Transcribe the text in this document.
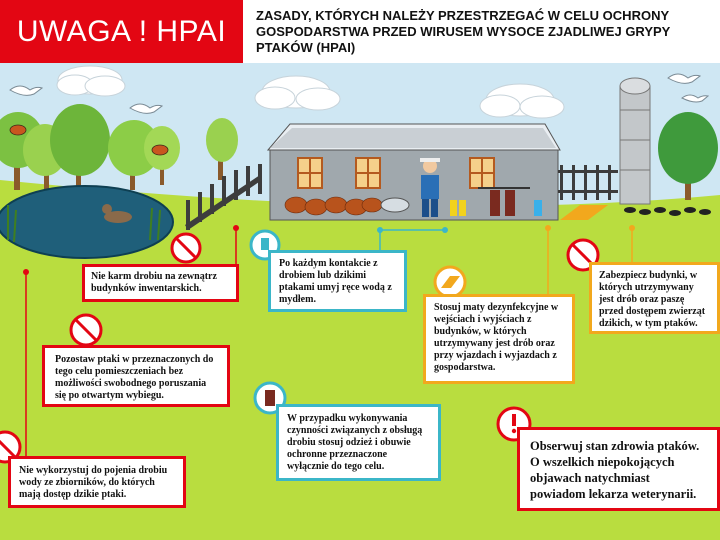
UWAGA ! HPAI	ZASADY, KTÓRYCH NALEŻY PRZESTRZEGAĆ W CELU OCHRONY GOSPODARSTWA PRZED WIRUSEM WYSOCE ZJADLIWEJ GRYPY PTAKÓW (HPAI)
Nie karm drobiu na zewnątrz budynków inwentarskich.
Po każdym kontakcie z drobiem lub dzikimi ptakami umyj ręce wodą z mydłem.
Stosuj maty dezynfekcyjne w wejściach i wyjściach z budynków, w których utrzymywany jest drób oraz przy wjazdach i wyjazdach z gospodarstwa.
Zabezpiecz budynki, w których utrzymywany jest drób oraz paszę przed dostępem zwierząt dzikich, w tym ptaków.
Pozostaw ptaki w przeznaczonych do tego celu pomieszczeniach bez możliwości swobodnego poruszania się po otwartym wybiegu.
W przypadku wykonywania czynności związanych z obsługą drobiu stosuj odzież i obuwie ochronne przeznaczone wyłącznie do tego celu.
Nie wykorzystuj do pojenia drobiu wody ze zbiorników, do których mają dostęp dzikie ptaki.
Obserwuj stan zdrowia ptaków. O wszelkich niepokojących objawach natychmiast powiadom lekarza weterynarii.
